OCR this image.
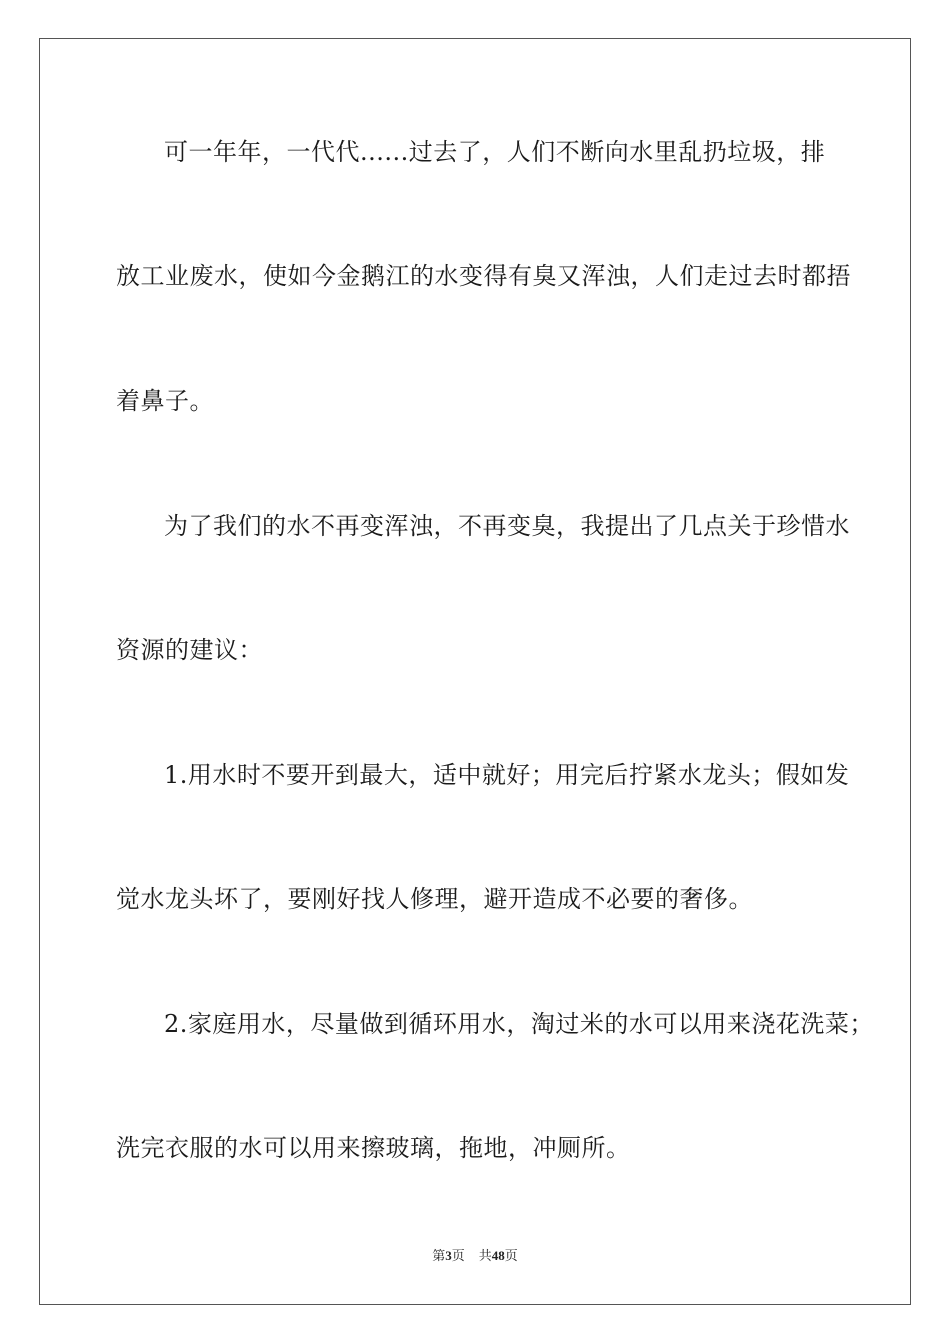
可一年年，一代代......过去了，人们不断向水里乱扔垃圾，排
放工业废水，使如今金鹅江的水变得有臭又浑浊，人们走过去时都捂
着鼻子。
为了我们的水不再变浑浊，不再变臭，我提出了几点关于珍惜水
资源的建议：
1.用水时不要开到最大，适中就好；用完后拧紧水龙头；假如发
觉水龙头坏了，要刚好找人修理，避开造成不必要的奢侈。
2.家庭用水，尽量做到循环用水，淘过米的水可以用来浇花洗菜；
洗完衣服的水可以用来擦玻璃，拖地，冲厕所。
第3页 共48页
